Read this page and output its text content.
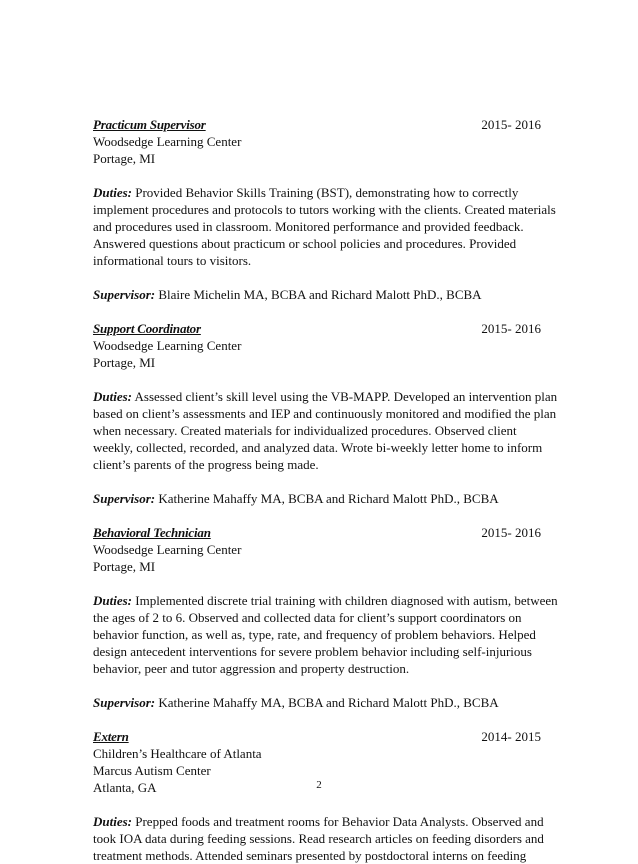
Practicum Supervisor	2015- 2016
Woodsedge Learning Center
Portage, MI
Duties: Provided Behavior Skills Training (BST), demonstrating how to correctly
implement procedures and protocols to tutors working with the clients. Created materials
and procedures used in classroom. Monitored performance and provided feedback.
Answered questions about practicum or school policies and procedures. Provided
informational tours to visitors.
Supervisor: Blaire Michelin MA, BCBA and Richard Malott PhD., BCBA
Support Coordinator	2015- 2016
Woodsedge Learning Center
Portage, MI
Duties: Assessed client’s skill level using the VB-MAPP. Developed an intervention plan
based on client’s assessments and IEP and continuously monitored and modified the plan
when necessary. Created materials for individualized procedures. Observed client
weekly, collected, recorded, and analyzed data. Wrote bi-weekly letter home to inform
client’s parents of the progress being made.
Supervisor: Katherine Mahaffy MA, BCBA and Richard Malott PhD., BCBA
Behavioral Technician	2015- 2016
Woodsedge Learning Center
Portage, MI
Duties: Implemented discrete trial training with children diagnosed with autism, between
the ages of 2 to 6. Observed and collected data for client’s support coordinators on
behavior function, as well as, type, rate, and frequency of problem behaviors. Helped
design antecedent interventions for severe problem behavior including self-injurious
behavior, peer and tutor aggression and property destruction.
Supervisor: Katherine Mahaffy MA, BCBA and Richard Malott PhD., BCBA
Extern	2014- 2015
Children’s Healthcare of Atlanta
Marcus Autism Center
Atlanta, GA
Duties: Prepped foods and treatment rooms for Behavior Data Analysts. Observed and
took IOA data during feeding sessions. Read research articles on feeding disorders and
treatment methods. Attended seminars presented by postdoctoral interns on feeding
2
